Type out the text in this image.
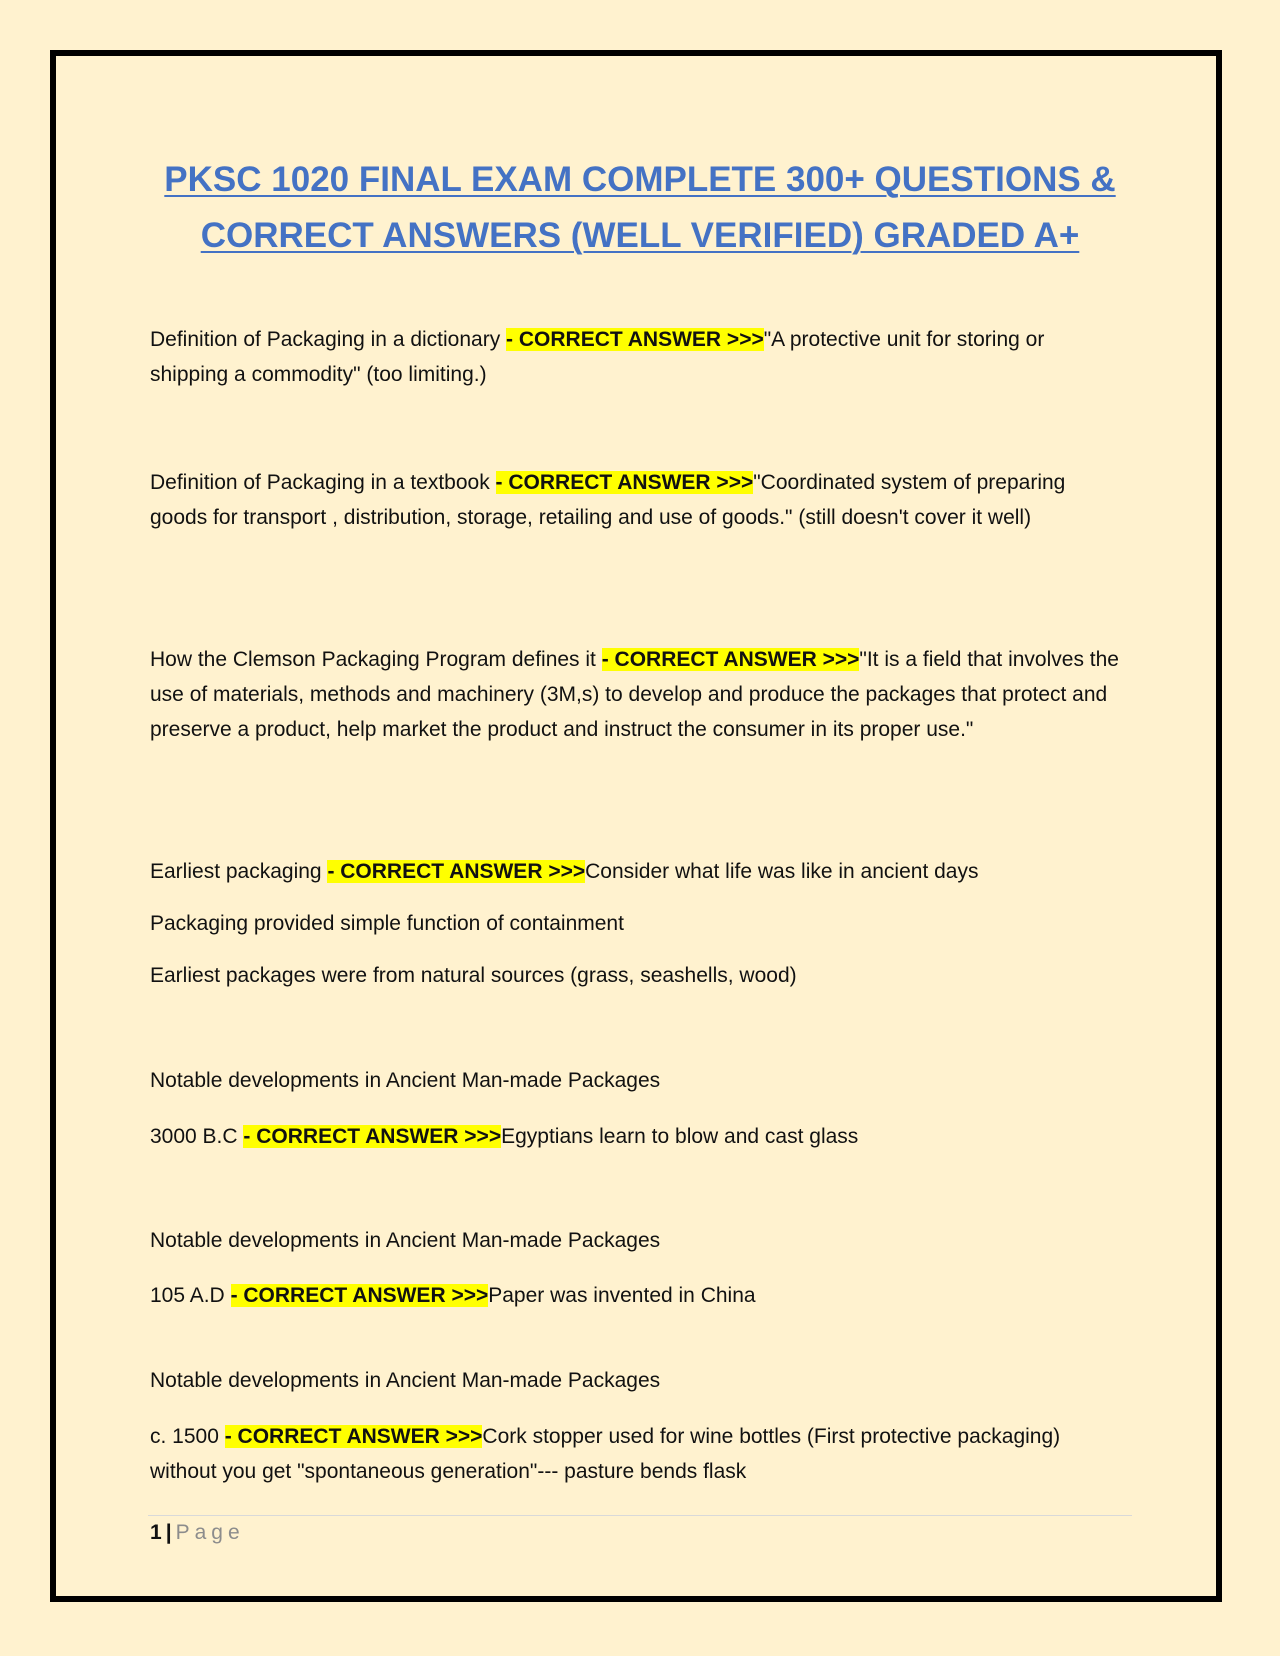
PKSC 1020 FINAL EXAM COMPLETE 300+ QUESTIONS & CORRECT ANSWERS (WELL VERIFIED) GRADED A+

Definition of Packaging in a dictionary - CORRECT ANSWER >>>"A protective unit for storing or shipping a commodity" (too limiting.)

Definition of Packaging in a textbook - CORRECT ANSWER >>>"Coordinated system of preparing goods for transport , distribution, storage, retailing and use of goods." (still doesn't cover it well)

How the Clemson Packaging Program defines it - CORRECT ANSWER >>>"It is a field that involves the use of materials, methods and machinery (3M,s) to develop and produce the packages that protect and preserve a product, help market the product and instruct the consumer in its proper use."

Earliest packaging - CORRECT ANSWER >>>Consider what life was like in ancient days

Packaging provided simple function of containment

Earliest packages were from natural sources (grass, seashells, wood)

Notable developments in Ancient Man-made Packages

3000 B.C - CORRECT ANSWER >>>Egyptians learn to blow and cast glass

Notable developments in Ancient Man-made Packages

105 A.D - CORRECT ANSWER >>>Paper was invented in China

Notable developments in Ancient Man-made Packages

c. 1500 - CORRECT ANSWER >>>Cork stopper used for wine bottles (First protective packaging) without you get "spontaneous generation"--- pasture bends flask

1 | Page
